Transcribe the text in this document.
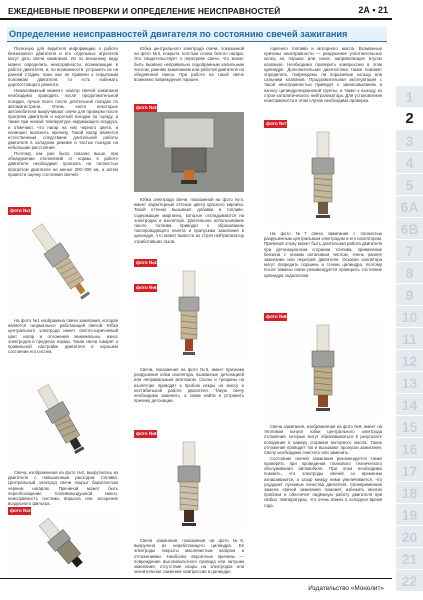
ЕЖЕДНЕВНЫЕ ПРОВЕРКИ И ОПРЕДЕЛЕНИЕ НЕИСПРАВНОСТЕЙ	2А • 21
Определение неисправностей двигателя по состоянию свечей зажигания

Полезную для водителя информацию о работе бензинового двигателя и его отдельных агрегатов могут дать свечи зажигания. Их по внешнему виду можно определить неисправности, возникающие в работе двигателя, и, по возможности, устранить их на ранней стадии, пока они не привели к серьёзным поломкам двигателя, то есть избежать дорогостоящего ремонта.

Немаловажный момент: осмотр свечей зажигания необходимо проводить после продолжительной поездки, лучше всего после длительной поездки по автомагистрали. Очень часто некоторые автолюбители выкручивают свечи для проверки после прогрева двигателя и короткой поездки по городу, а также при низкой температуре окружающего воздуха, и отмечают, что нагар на них черного цвета, и начинают выяснять причину. Такой нагар является естественным следствием длительной работы двигателя в холодном режиме и частых поездок на небольшие расстояния.

Поэтому, как уже было сказано выше, при обнаружении отклонений от нормы в работе двигателя необходимо проехать на полностью прогретом двигателе не менее 200–300 км, а затем провести оценку состояния свечей.

фото №1

На фото №1 изображена свеча зажигания, которая является «нормально» работающей свечой. Юбка центрального электрода имеет светло-коричневый цвет, нагар и отложения минимальны, износ электродов в пределах нормы. Такая свеча говорит о правильной настройке двигателя и хорошем состоянии его систем.

Свеча, изображенная на фото №2, выкрутилась из двигателя с повышенным расходом топлива. Центральный электрод свечи покрыт бархатистым черным нагаром. Причиной может быть переобогащение топливовоздушной смеси, неисправность системы впрыска или засорение воздушного фильтра.

фото №2

Юбка центрального электрода свечи, показанной на фото №3, покрыта толстым слоем белого нагара. Это свидетельствует о перегреве свечи, что может быть вызвано неправильно подобранным калильным числом, ранним зажиганием или работой двигателя на обеднённой смеси. При работе на такой свече возможно повреждение поршня.

фото №3

Юбка электрода свечи, показанной на фото №4, имеет характерный оттенок цвета красного кирпича. Такой оттенок вызывают добавки в топливе, содержащие марганец, которые откладываются на электродах и изоляторе. Длительное использование такого топлива приводит к образованию токопроводящего налета и пропускам зажигания в цилиндре, что может вывести из строя нейтрализатор отработавших газов.

фото №4
фото №5

Свеча, показанная на фото №5, имеет признаки разрушения юбки изолятора, вызванные детонацией или неправильным монтажом. Сколы и трещины на изоляторе приводят к пробою искры на массу и нестабильной работе двигателя. Такую свечу необходимо заменить, а также найти и устранить причину детонации.

фото №6

Свеча зажигания, показанная на фото №6, выкручена из неработающего цилиндра. Её электроды покрыты маслянистым нагаром и отложениями. Наиболее вероятные причины — повреждение высоковольтного провода или катушки зажигания, отсутствие искры на электродах или значительное снижение компрессии в цилиндре.

горючего топлива и моторного масла. Возможные причины неисправности — разрушение уплотнительных колец на поршне или износ направляющих втулок клапанов. Необходимо проверить компрессию в этом цилиндре. Дополнительная диагностика также поможет определить, повреждены ли поршневые кольца или сальники клапанов. Продолжительная эксплуатация с такой неисправностью приведет к закоксовыванию и износу цилиндропоршневой группы, а также к выходу из строя каталитического нейтрализатора. Для установления неисправности в этом случае необходима проверка.

фото №7

На фото №7 свеча зажигания с полностью разрушенным центральным электродом и его изолятором. Причиной этому может быть длительная работа двигателя при детонационном сгорании топлива, применение бензина с низким октановым числом, очень раннее зажигание или перегрев двигателя. Осколки изолятора могут повредить поршень и стенки цилиндра, поэтому после замены свечи рекомендуется проверить состояние цилиндра эндоскопом.

фото №8

Свеча зажигания, изображенная на фото №8, имеет на тепловом конусе юбки центрального электрода отложения, которые могут образовываться в результате попадания в камеру сгорания моторного масла. Такие отложения проводят ток и вызывают пропуски зажигания. Свечу необходимо очистить или заменить.

Состояние свечей зажигания рекомендуется также проверять при проведении планового технического обслуживания автомобиля. При этом необходимо помнить, что электроды свечей со временем изнашиваются, а зазор между ними увеличивается, что ухудшает пусковые качества двигателя. Своевременная замена свечей зажигания поможет избежать многих проблем и обеспечит надёжную работу двигателя при любых температурах, что очень важно в холодное время года.

1
2
3
4
5
6А
6В
7
8
9
10
11
12
13
14
15
16
17
18
19
20
21
22
Издательство «Монолит»
